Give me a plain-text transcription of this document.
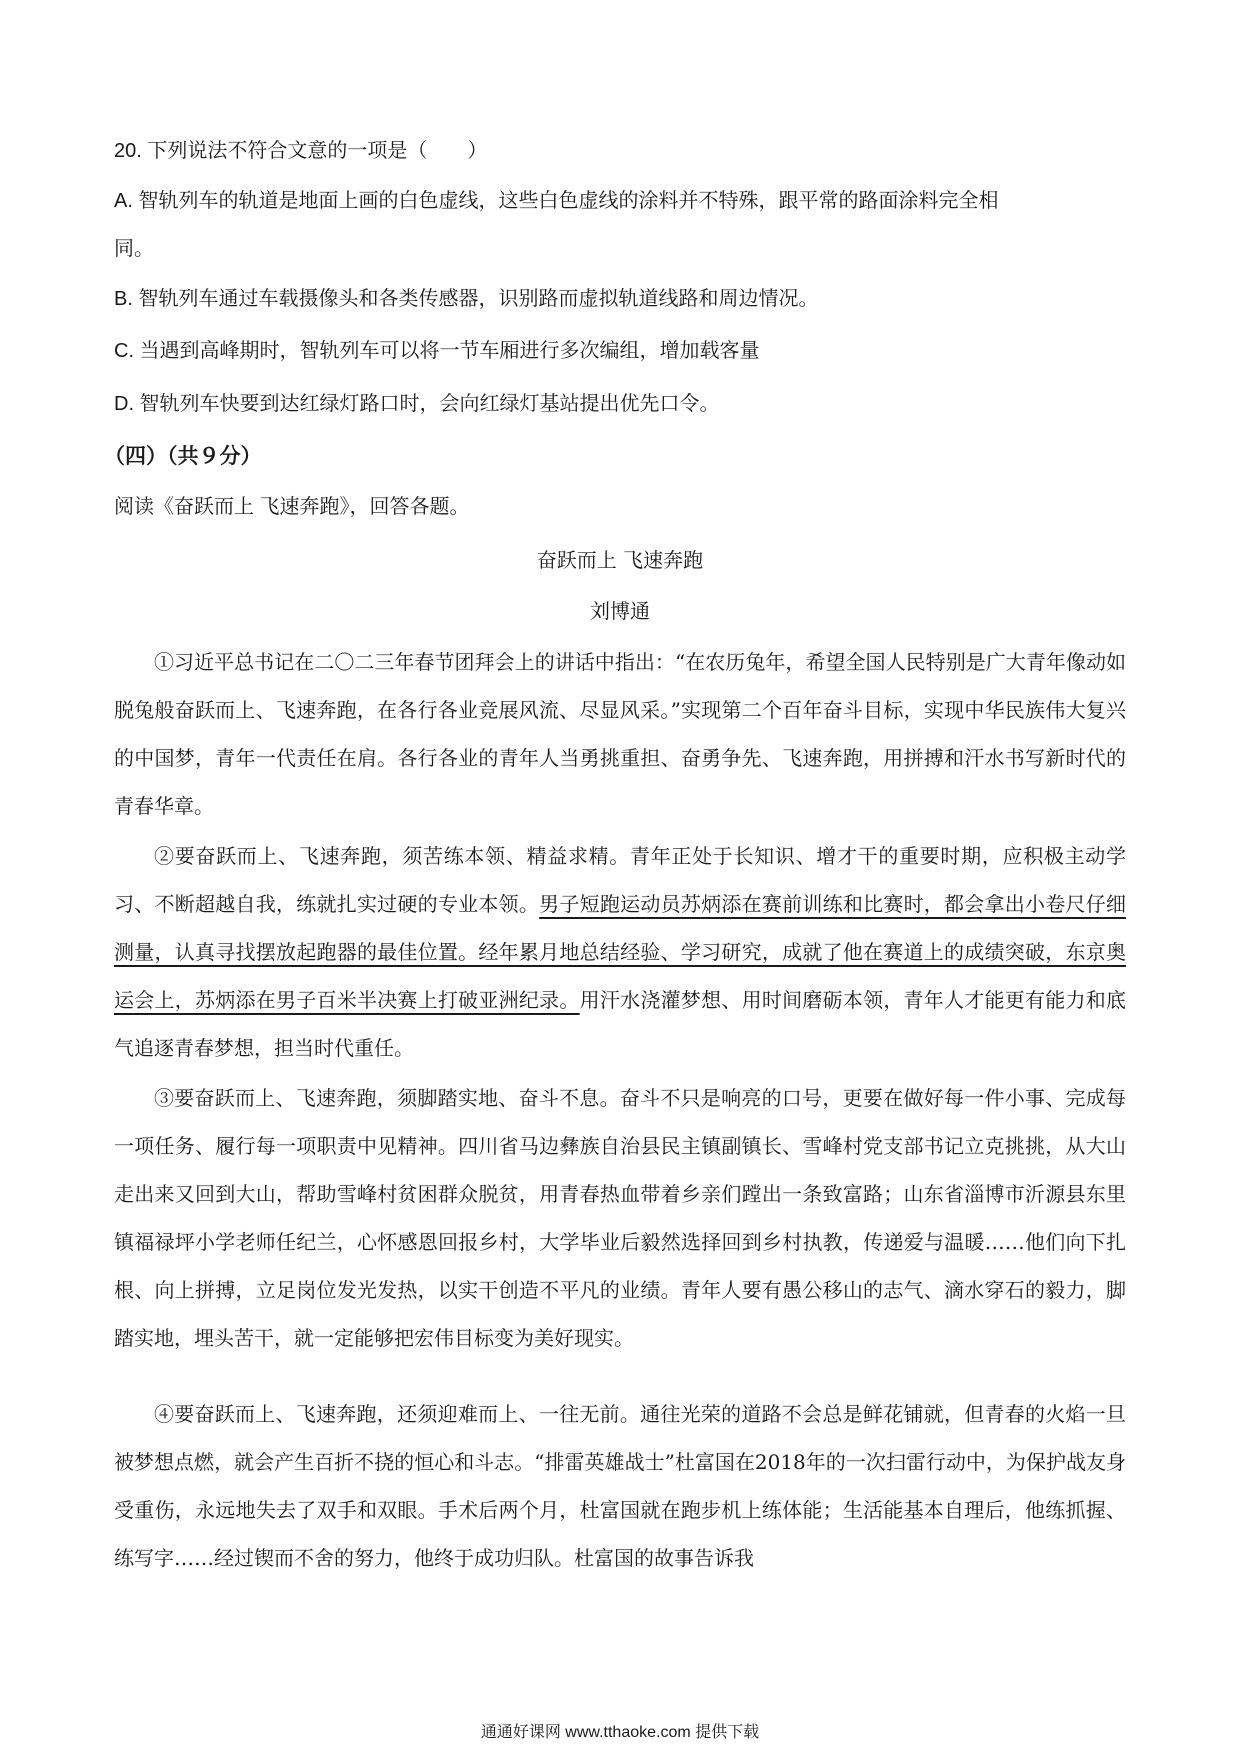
20. 下列说法不符合文意的一项是（　　）
A. 智轨列车的轨道是地面上画的白色虚线，这些白色虚线的涂料并不特殊，跟平常的路面涂料完全相
同。
B. 智轨列车通过车载摄像头和各类传感器，识别路而虚拟轨道线路和周边情况。
C. 当遇到高峰期时，智轨列车可以将一节车厢进行多次编组，增加载客量
D. 智轨列车快要到达红绿灯路口时，会向红绿灯基站提出优先口令。
（四）（共９分）
阅读《奋跃而上 飞速奔跑》，回答各题。
奋跃而上 飞速奔跑
刘博通

①习近平总书记在二〇二三年春节团拜会上的讲话中指出：“在农历兔年，希望全国人民特别是广大青年像动如脱兔般奋跃而上、飞速奔跑，在各行各业竞展风流、尽显风采。”实现第二个百年奋斗目标，实现中华民族伟大复兴的中国梦，青年一代责任在肩。各行各业的青年人当勇挑重担、奋勇争先、飞速奔跑，用拼搏和汗水书写新时代的青春华章。

②要奋跃而上、飞速奔跑，须苦练本领、精益求精。青年正处于长知识、增才干的重要时期，应积极主动学习、不断超越自我，练就扎实过硬的专业本领。男子短跑运动员苏炳添在赛前训练和比赛时，都会拿出小卷尺仔细测量，认真寻找摆放起跑器的最佳位置。经年累月地总结经验、学习研究，成就了他在赛道上的成绩突破，东京奥运会上，苏炳添在男子百米半决赛上打破亚洲纪录。用汗水浇灌梦想、用时间磨砺本领，青年人才能更有能力和底气追逐青春梦想，担当时代重任。

③要奋跃而上、飞速奔跑，须脚踏实地、奋斗不息。奋斗不只是响亮的口号，更要在做好每一件小事、完成每一项任务、履行每一项职责中见精神。四川省马边彝族自治县民主镇副镇长、雪峰村党支部书记立克挑挑，从大山走出来又回到大山，帮助雪峰村贫困群众脱贫，用青春热血带着乡亲们蹚出一条致富路；山东省淄博市沂源县东里镇福禄坪小学老师任纪兰，心怀感恩回报乡村，大学毕业后毅然选择回到乡村执教，传递爱与温暖……他们向下扎根、向上拼搏，立足岗位发光发热，以实干创造不平凡的业绩。青年人要有愚公移山的志气、滴水穿石的毅力，脚踏实地，埋头苦干，就一定能够把宏伟目标变为美好现实。

④要奋跃而上、飞速奔跑，还须迎难而上、一往无前。通往光荣的道路不会总是鲜花铺就，但青春的火焰一旦被梦想点燃，就会产生百折不挠的恒心和斗志。“排雷英雄战士”杜富国在2018年的一次扫雷行动中，为保护战友身受重伤，永远地失去了双手和双眼。手术后两个月，杜富国就在跑步机上练体能；生活能基本自理后，他练抓握、练写字……经过锲而不舍的努力，他终于成功归队。杜富国的故事告诉我

通通好课网 www.tthaoke.com 提供下载
